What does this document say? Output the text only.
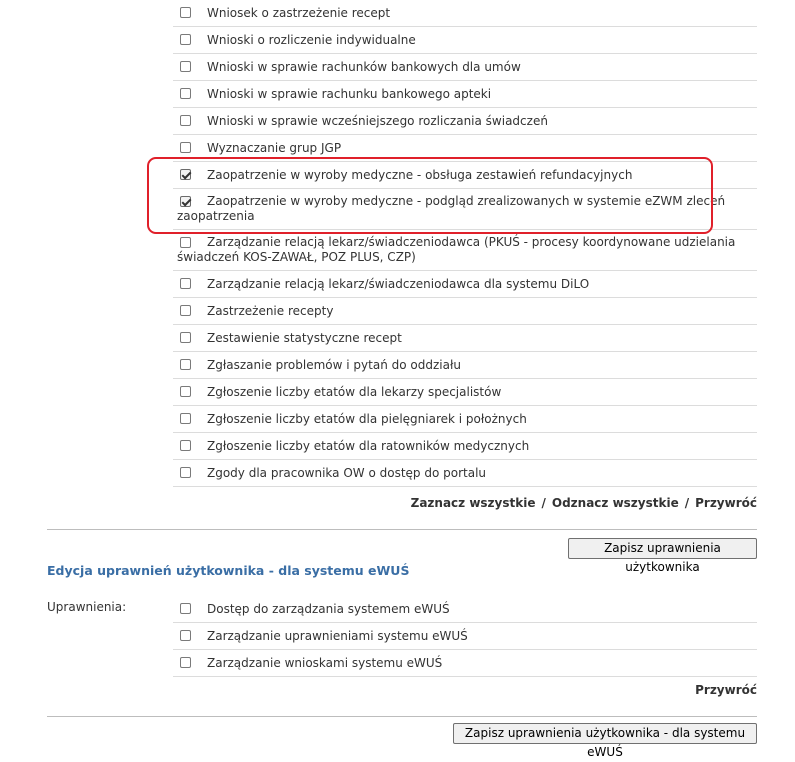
Wniosek o zastrzeżenie recept
Wnioski o rozliczenie indywidualne
Wnioski w sprawie rachunków bankowych dla umów
Wnioski w sprawie rachunku bankowego apteki
Wnioski w sprawie wcześniejszego rozliczania świadczeń
Wyznaczanie grup JGP
Zaopatrzenie w wyroby medyczne - obsługa zestawień refundacyjnych
Zaopatrzenie w wyroby medyczne - podgląd zrealizowanych w systemie eZWM zleceń zaopatrzenia
Zarządzanie relacją lekarz/świadczeniodawca (PKUŚ - procesy koordynowane udzielania świadczeń KOS-ZAWAŁ, POZ PLUS, CZP)
Zarządzanie relacją lekarz/świadczeniodawca dla systemu DiLO
Zastrzeżenie recepty
Zestawienie statystyczne recept
Zgłaszanie problemów i pytań do oddziału
Zgłoszenie liczby etatów dla lekarzy specjalistów
Zgłoszenie liczby etatów dla pielęgniarek i położnych
Zgłoszenie liczby etatów dla ratowników medycznych
Zgody dla pracownika OW o dostęp do portalu
Zaznacz wszystkie / Odznacz wszystkie / Przywróć
Zapisz uprawnienia użytkownika
Edycja uprawnień użytkownika - dla systemu eWUŚ
Uprawnienia:	Dostęp do zarządzania systemem eWUŚ
Zarządzanie uprawnieniami systemu eWUŚ
Zarządzanie wnioskami systemu eWUŚ
Przywróć
Zapisz uprawnienia użytkownika - dla systemu eWUŚ
